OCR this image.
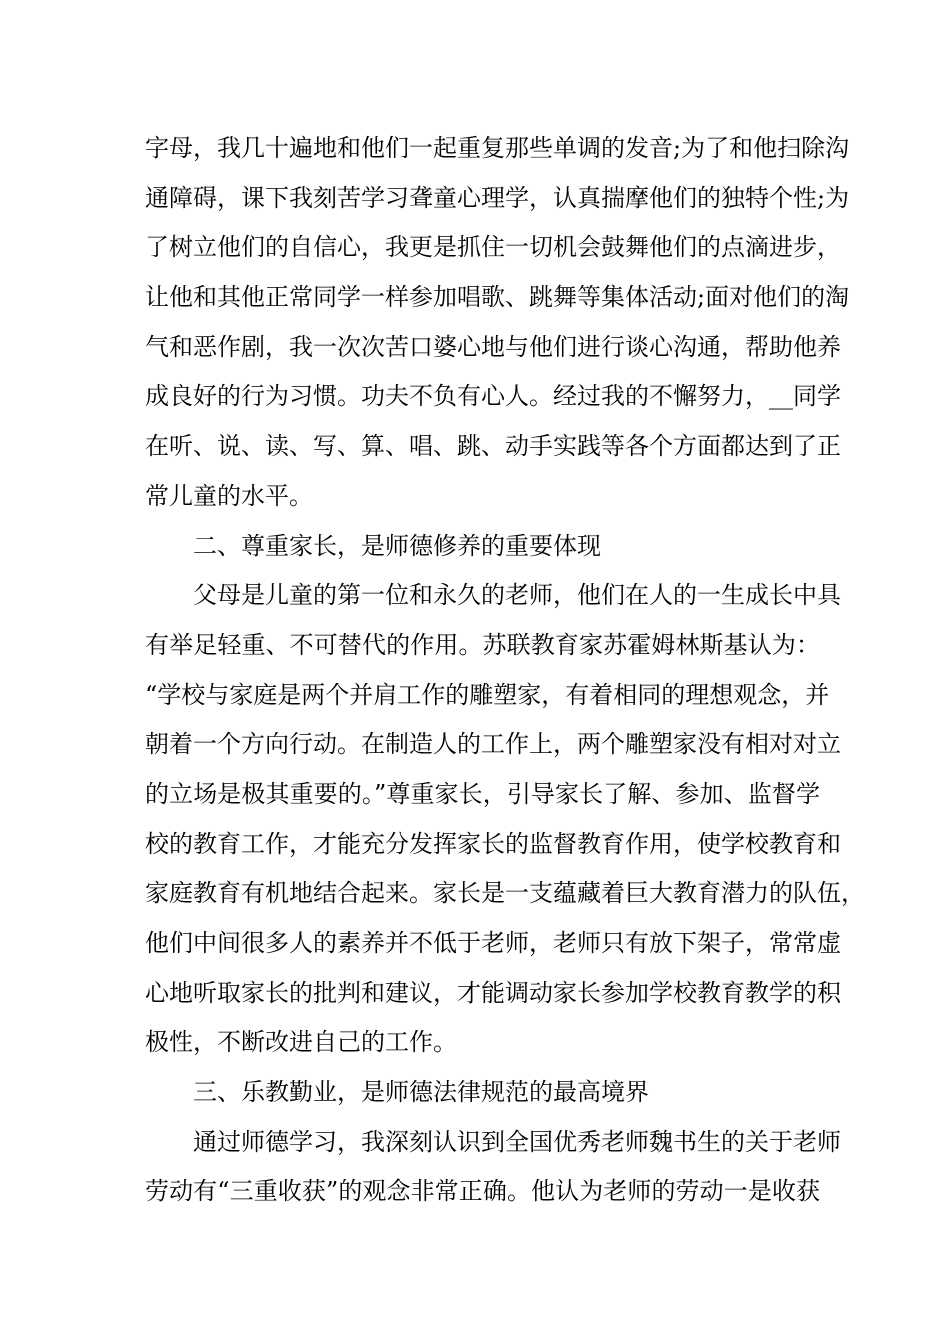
字母，我几十遍地和他们一起重复那些单调的发音;为了和他扫除沟
通障碍，课下我刻苦学习聋童心理学，认真揣摩他们的独特个性;为
了树立他们的自信心，我更是抓住一切机会鼓舞他们的点滴进步，
让他和其他正常同学一样参加唱歌、跳舞等集体活动;面对他们的淘
气和恶作剧，我一次次苦口婆心地与他们进行谈心沟通，帮助他养
成良好的行为习惯。功夫不负有心人。经过我的不懈努力，__同学
在听、说、读、写、算、唱、跳、动手实践等各个方面都达到了正
常儿童的水平。
二、尊重家长，是师德修养的重要体现
父母是儿童的第一位和永久的老师，他们在人的一生成长中具
有举足轻重、不可替代的作用。苏联教育家苏霍姆林斯基认为：
“学校与家庭是两个并肩工作的雕塑家，有着相同的理想观念，并
朝着一个方向行动。在制造人的工作上，两个雕塑家没有相对对立
的立场是极其重要的。”尊重家长，引导家长了解、参加、监督学
校的教育工作，才能充分发挥家长的监督教育作用，使学校教育和
家庭教育有机地结合起来。家长是一支蕴藏着巨大教育潜力的队伍，
他们中间很多人的素养并不低于老师，老师只有放下架子，常常虚
心地听取家长的批判和建议，才能调动家长参加学校教育教学的积
极性，不断改进自己的工作。
三、乐教勤业，是师德法律规范的最高境界
通过师德学习，我深刻认识到全国优秀老师魏书生的关于老师
劳动有“三重收获”的观念非常正确。他认为老师的劳动一是收获
